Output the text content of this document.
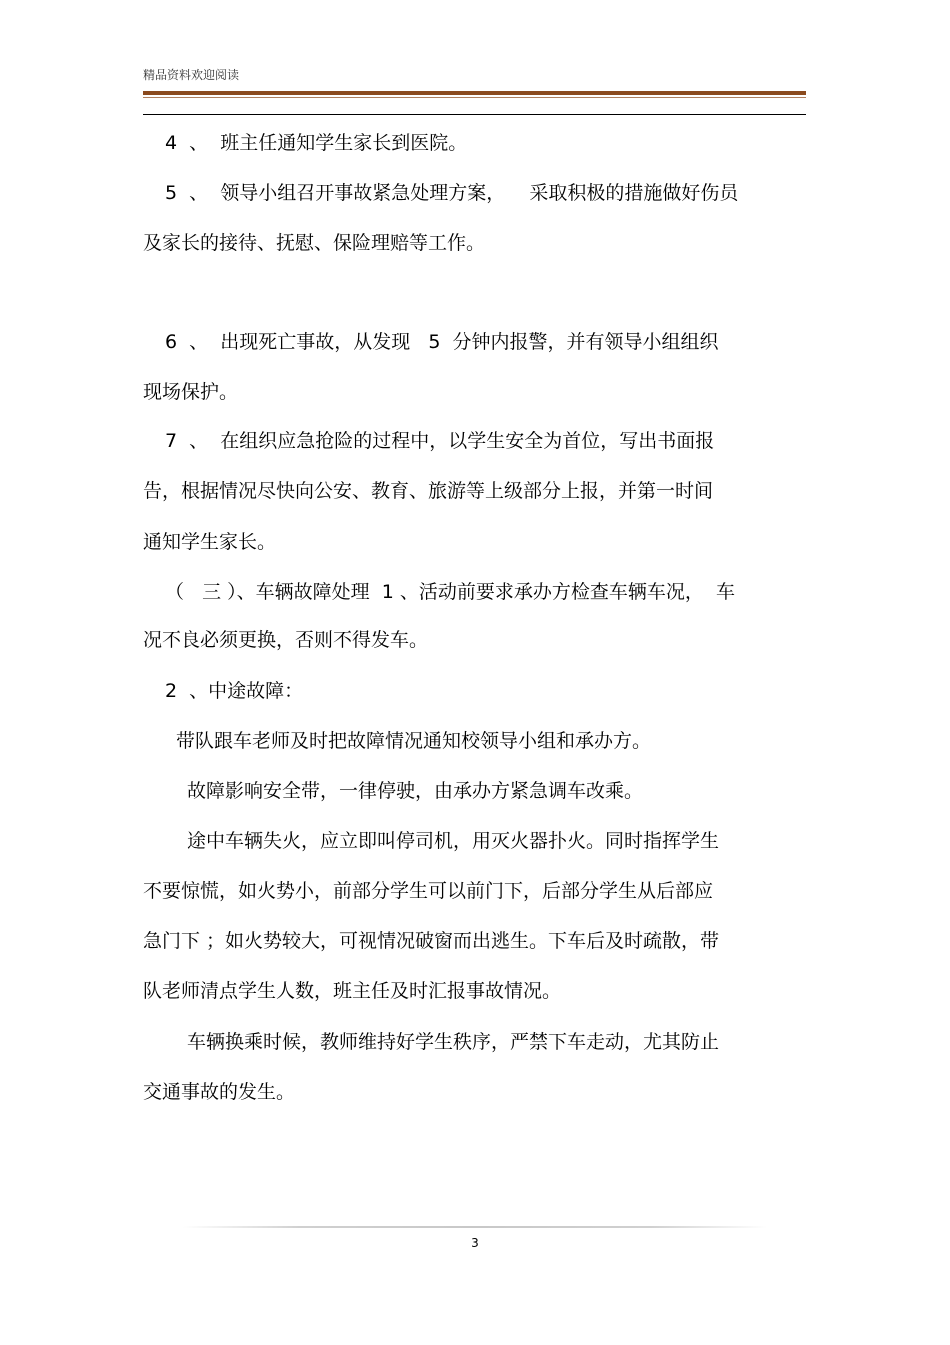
精品资料欢迎阅读
4  、  班主任通知学生家长到医院。
5  、  领导小组召开事故紧急处理方案，    采取积极的措施做好伤员
及家长的接待、抚慰、保险理赔等工作。
6  、  出现死亡事故，从发现   5  分钟内报警，并有领导小组组织
现场保护。
7  、  在组织应急抢险的过程中，以学生安全为首位，写出书面报
告，根据情况尽快向公安、教育、旅游等上级部分上报，并第一时间
通知学生家长。
（   三 ）、车辆故障处理  1 、活动前要求承办方检查车辆车况，  车
况不良必须更换，否则不得发车。
2  、中途故障：
带队跟车老师及时把故障情况通知校领导小组和承办方。
故障影响安全带，一律停驶，由承办方紧急调车改乘。
途中车辆失火，应立即叫停司机，用灭火器扑火。同时指挥学生
不要惊慌，如火势小，前部分学生可以前门下，后部分学生从后部应
急门下 ；如火势较大，可视情况破窗而出逃生。下车后及时疏散，带
队老师清点学生人数，班主任及时汇报事故情况。
车辆换乘时候，教师维持好学生秩序，严禁下车走动，尤其防止
交通事故的发生。
3
